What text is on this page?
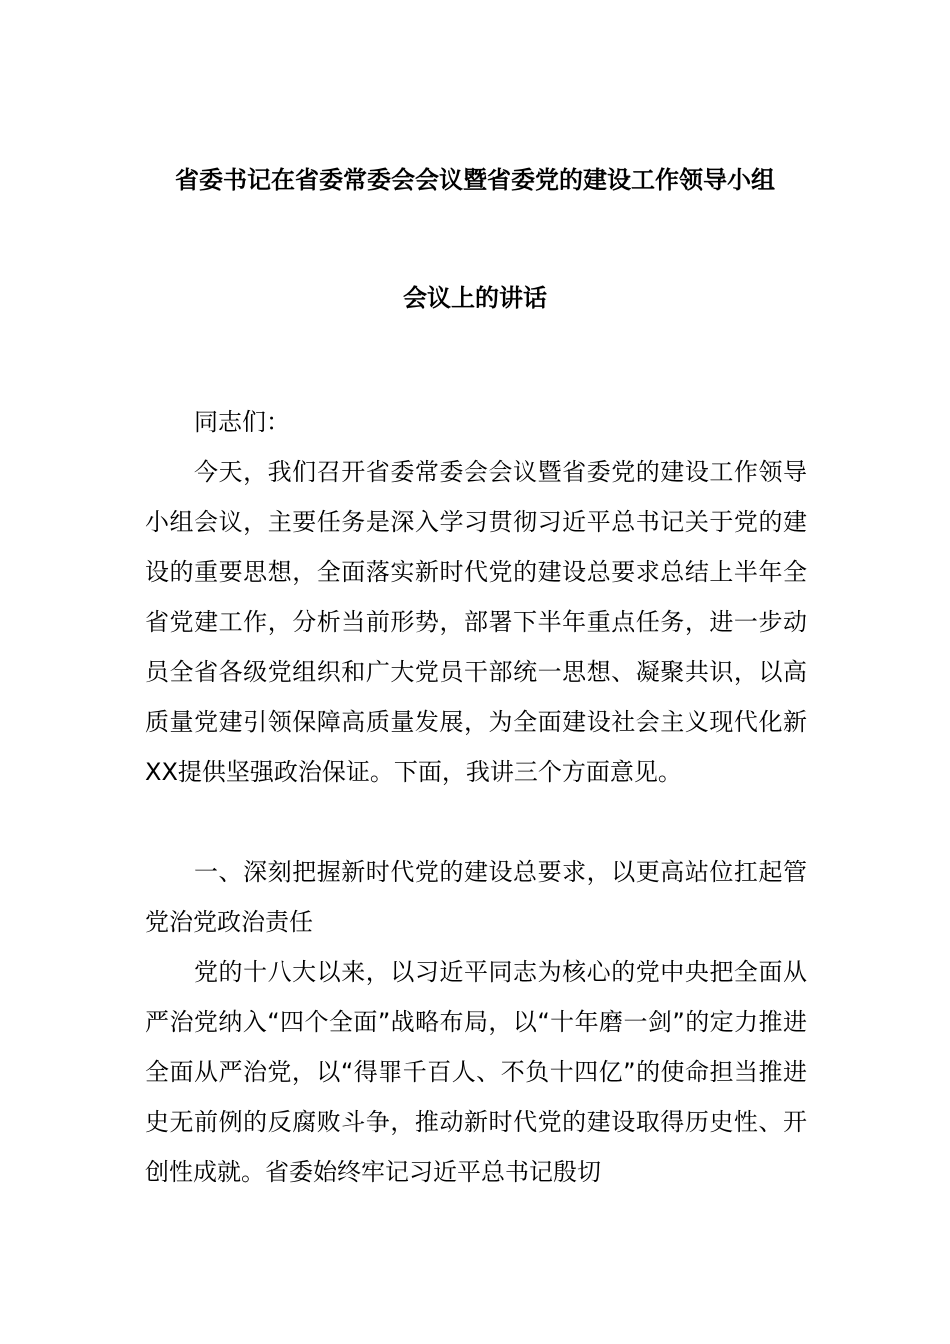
省委书记在省委常委会会议暨省委党的建设工作领导小组
会议上的讲话
同志们：
今天，我们召开省委常委会会议暨省委党的建设工作领导小组会议，主要任务是深入学习贯彻习近平总书记关于党的建设的重要思想，全面落实新时代党的建设总要求总结上半年全省党建工作，分析当前形势，部署下半年重点任务，进一步动员全省各级党组织和广大党员干部统一思想、凝聚共识，以高质量党建引领保障高质量发展，为全面建设社会主义现代化新XX提供坚强政治保证。下面，我讲三个方面意见。
一、深刻把握新时代党的建设总要求，以更高站位扛起管党治党政治责任
党的十八大以来，以习近平同志为核心的党中央把全面从严治党纳入“四个全面”战略布局，以“十年磨一剑”的定力推进全面从严治党，以“得罪千百人、不负十四亿”的使命担当推进史无前例的反腐败斗争，推动新时代党的建设取得历史性、开创性成就。省委始终牢记习近平总书记殷切
